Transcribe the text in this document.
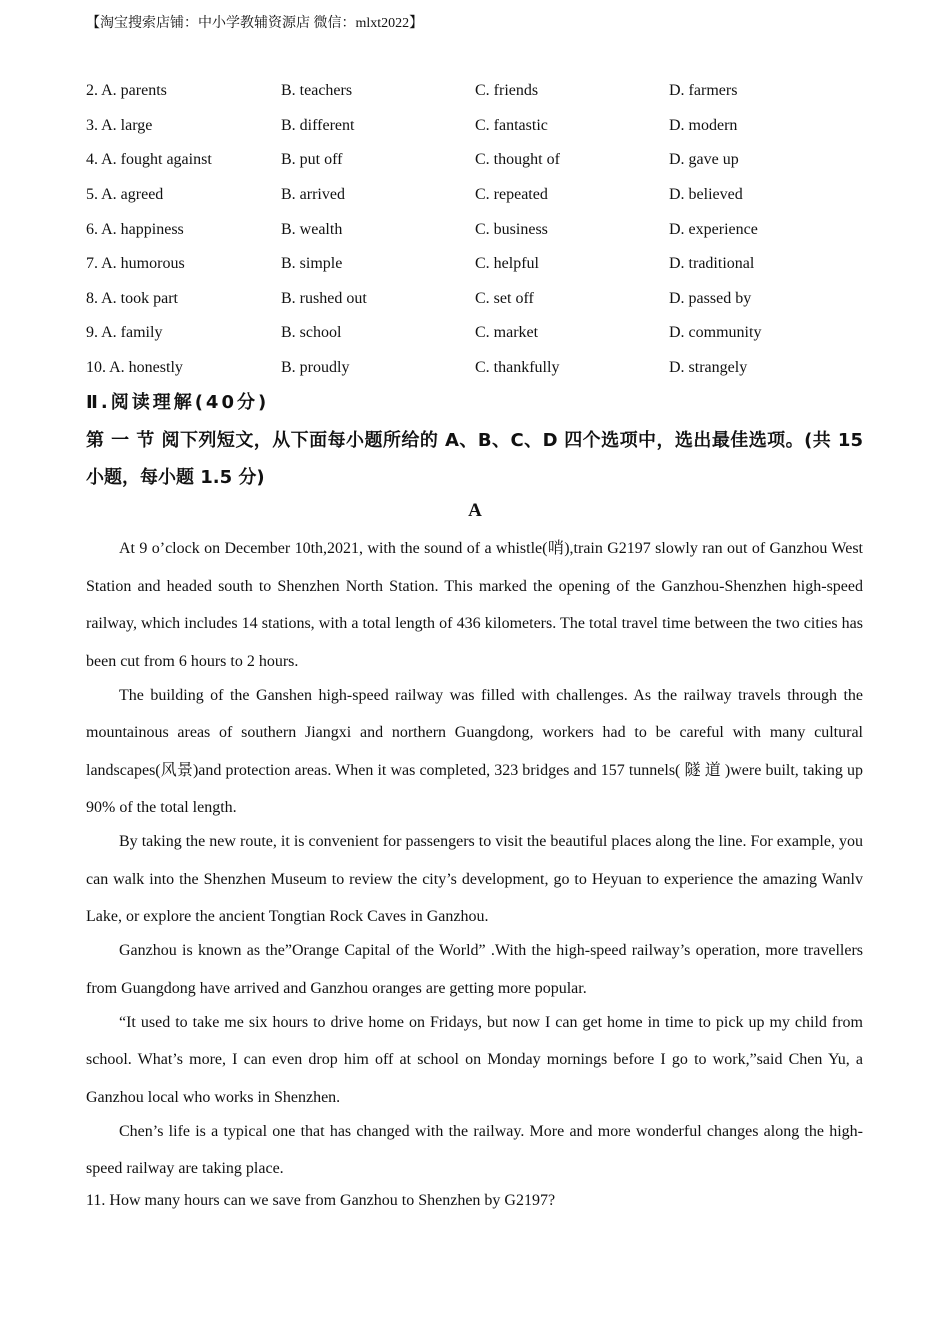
【淘宝搜索店铺：中小学教辅资源店 微信：mlxt2022】
2. A. parents	B. teachers	C. friends	D. farmers
3. A. large	B. different	C. fantastic	D. modern
4. A. fought against	B. put off	C. thought of	D. gave up
5. A. agreed	B. arrived	C. repeated	D. believed
6. A. happiness	B. wealth	C. business	D. experience
7. A. humorous	B. simple	C. helpful	D. traditional
8. A. took part	B. rushed out	C. set off	D. passed by
9. A. family	B. school	C. market	D. community
10. A. honestly	B. proudly	C. thankfully	D. strangely
Ⅱ.阅读理解(40分)
第 一 节 阅下列短文，从下面每小题所给的 A、B、C、D 四个选项中，选出最佳选项。(共 15 小题，每小题 1.5 分)
A

At 9 o’clock on December 10th,2021, with the sound of a whistle(哨),train G2197 slowly ran out of Ganzhou West Station and headed south to Shenzhen North Station. This marked the opening of the Ganzhou-Shenzhen high-speed railway, which includes 14 stations, with a total length of 436 kilometers. The total travel time between the two cities has been cut from 6 hours to 2 hours.

The building of the Ganshen high-speed railway was filled with challenges. As the railway travels through the mountainous areas of southern Jiangxi and northern Guangdong, workers had to be careful with many cultural landscapes(风景)and protection areas. When it was completed, 323 bridges and 157 tunnels( 隧 道 )were built, taking up 90% of the total length.

By taking the new route, it is convenient for passengers to visit the beautiful places along the line. For example, you can walk into the Shenzhen Museum to review the city’s development, go to Heyuan to experience the amazing Wanlv Lake, or explore the ancient Tongtian Rock Caves in Ganzhou.

Ganzhou is known as the”Orange Capital of the World” .With the high-speed railway’s operation, more travellers from Guangdong have arrived and Ganzhou oranges are getting more popular.

“It used to take me six hours to drive home on Fridays, but now I can get home in time to pick up my child from school. What’s more, I can even drop him off at school on Monday mornings before I go to work,”said Chen Yu, a Ganzhou local who works in Shenzhen.

Chen’s life is a typical one that has changed with the railway. More and more wonderful changes along the high-speed railway are taking place.

11. How many hours can we save from Ganzhou to Shenzhen by G2197?
